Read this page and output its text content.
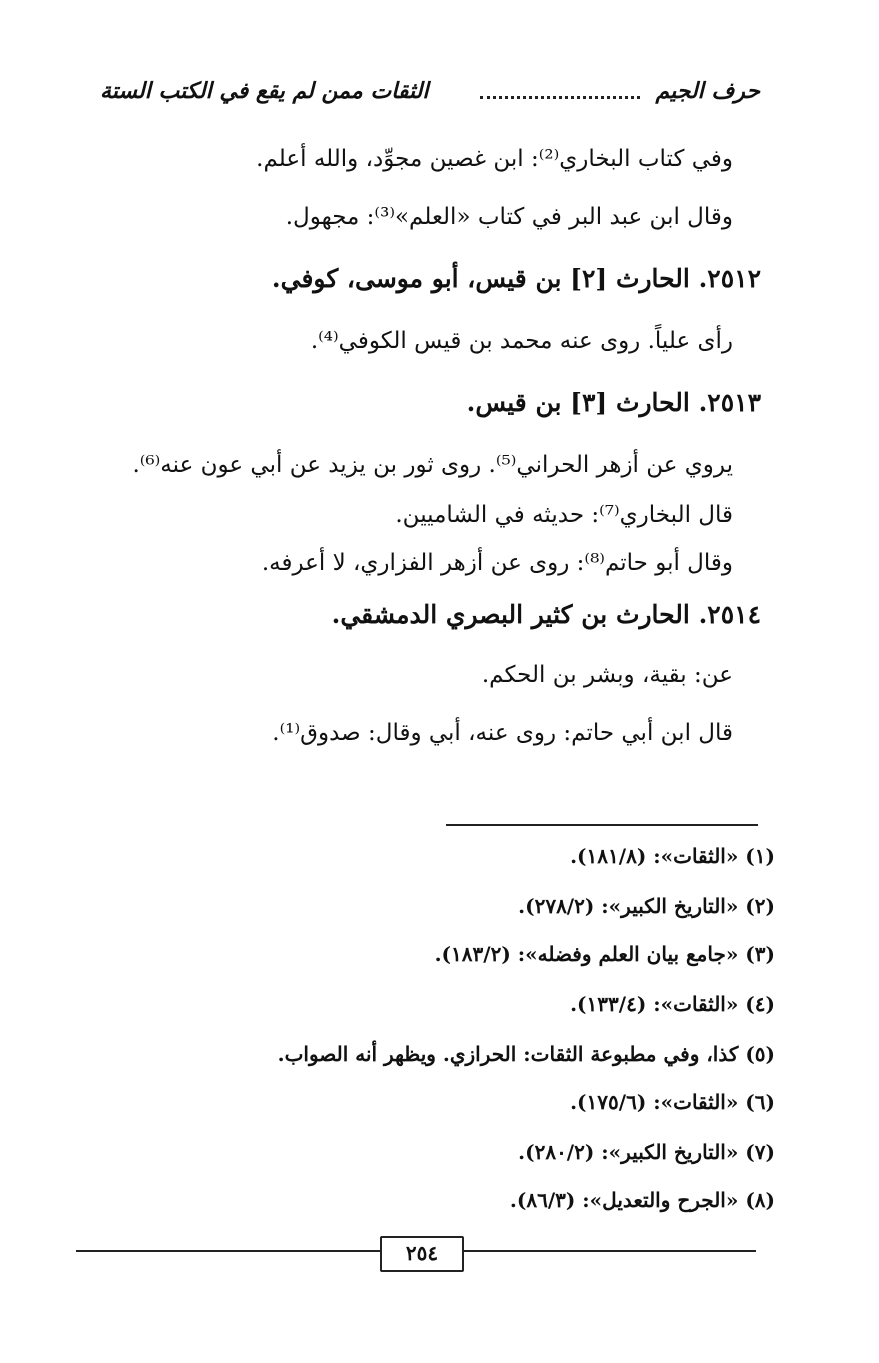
حرف الجيم
الثقات ممن لم يقع في الكتب الستة
وفي كتاب البخاري⁽²⁾: ابن غصين مجوِّد، والله أعلم.
وقال ابن عبد البر في كتاب «العلم»⁽³⁾: مجهول.
٢٥١٢. الحارث [٢] بن قيس، أبو موسى، كوفي.
رأى علياً. روى عنه محمد بن قيس الكوفي⁽⁴⁾.
٢٥١٣. الحارث [٣] بن قيس.
يروي عن أزهر الحراني⁽⁵⁾. روى ثور بن يزيد عن أبي عون عنه⁽⁶⁾.
قال البخاري⁽⁷⁾: حديثه في الشاميين.
وقال أبو حاتم⁽⁸⁾: روى عن أزهر الفزاري، لا أعرفه.
٢٥١٤. الحارث بن كثير البصري الدمشقي.
عن: بقية، وبشر بن الحكم.
قال ابن أبي حاتم: روى عنه، أبي وقال: صدوق⁽¹⁾.
(١) «الثقات»: (١٨١/٨).
(٢) «التاريخ الكبير»: (٢٧٨/٢).
(٣) «جامع بيان العلم وفضله»: (١٨٣/٢).
(٤) «الثقات»: (١٣٣/٤).
(٥) كذا، وفي مطبوعة الثقات: الحرازي. ويظهر أنه الصواب.
(٦) «الثقات»: (١٧٥/٦).
(٧) «التاريخ الكبير»: (٢٨٠/٢).
(٨) «الجرح والتعديل»: (٨٦/٣).
٢٥٤
